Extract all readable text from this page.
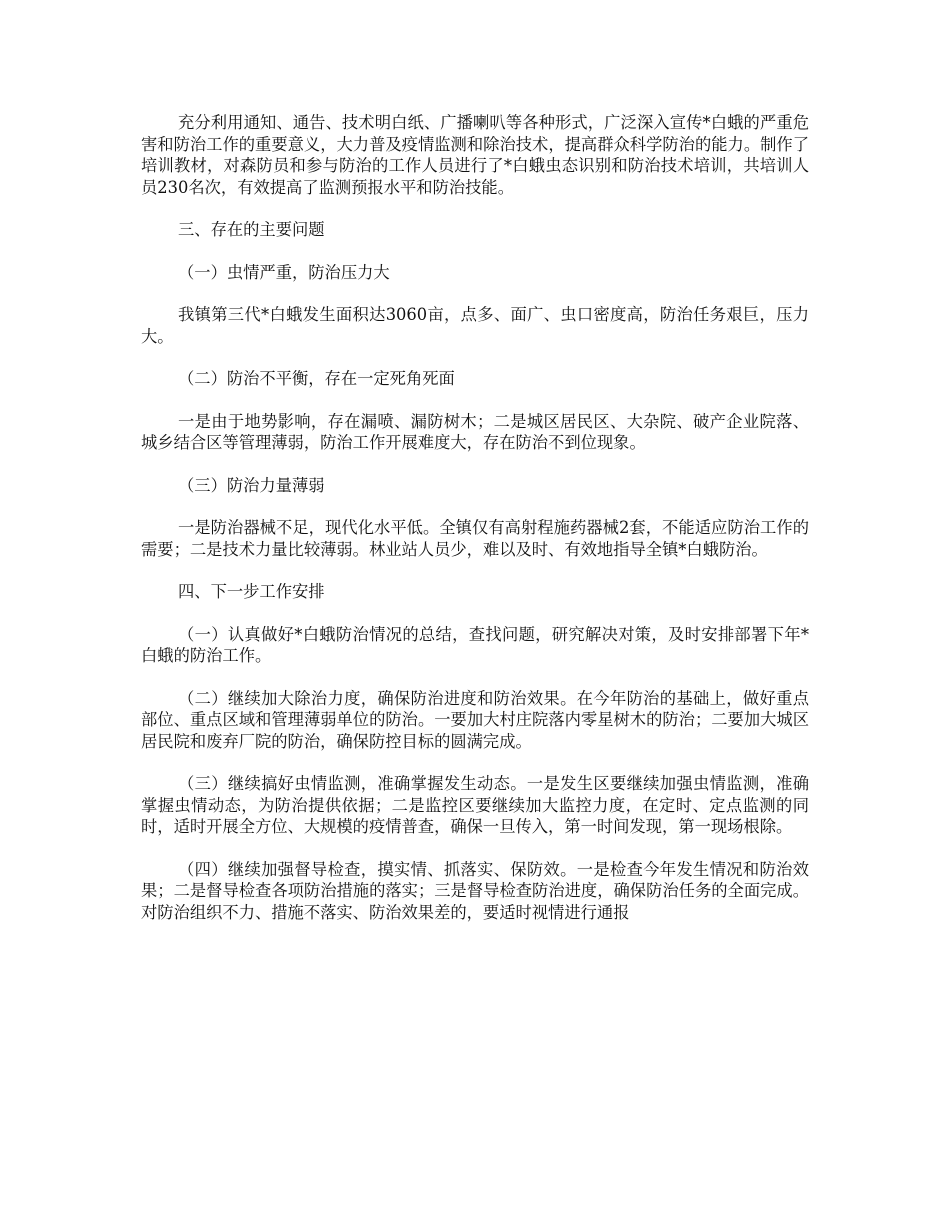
充分利用通知、通告、技术明白纸、广播喇叭等各种形式，广泛深入宣传*白蛾的严重危害和防治工作的重要意义，大力普及疫情监测和除治技术，提高群众科学防治的能力。制作了培训教材，对森防员和参与防治的工作人员进行了*白蛾虫态识别和防治技术培训，共培训人员230名次，有效提高了监测预报水平和防治技能。

三、存在的主要问题

（一）虫情严重，防治压力大

我镇第三代*白蛾发生面积达3060亩，点多、面广、虫口密度高，防治任务艰巨，压力大。

（二）防治不平衡，存在一定死角死面

一是由于地势影响，存在漏喷、漏防树木；二是城区居民区、大杂院、破产企业院落、城乡结合区等管理薄弱，防治工作开展难度大，存在防治不到位现象。

（三）防治力量薄弱

一是防治器械不足，现代化水平低。全镇仅有高射程施药器械2套，不能适应防治工作的需要；二是技术力量比较薄弱。林业站人员少，难以及时、有效地指导全镇*白蛾防治。

四、下一步工作安排

（一）认真做好*白蛾防治情况的总结，查找问题，研究解决对策，及时安排部署下年*白蛾的防治工作。

（二）继续加大除治力度，确保防治进度和防治效果。在今年防治的基础上，做好重点部位、重点区域和管理薄弱单位的防治。一要加大村庄院落内零星树木的防治；二要加大城区居民院和废弃厂院的防治，确保防控目标的圆满完成。

（三）继续搞好虫情监测，准确掌握发生动态。一是发生区要继续加强虫情监测，准确掌握虫情动态，为防治提供依据；二是监控区要继续加大监控力度，在定时、定点监测的同时，适时开展全方位、大规模的疫情普查，确保一旦传入，第一时间发现，第一现场根除。

（四）继续加强督导检查，摸实情、抓落实、保防效。一是检查今年发生情况和防治效果；二是督导检查各项防治措施的落实；三是督导检查防治进度，确保防治任务的全面完成。对防治组织不力、措施不落实、防治效果差的，要适时视情进行通报
